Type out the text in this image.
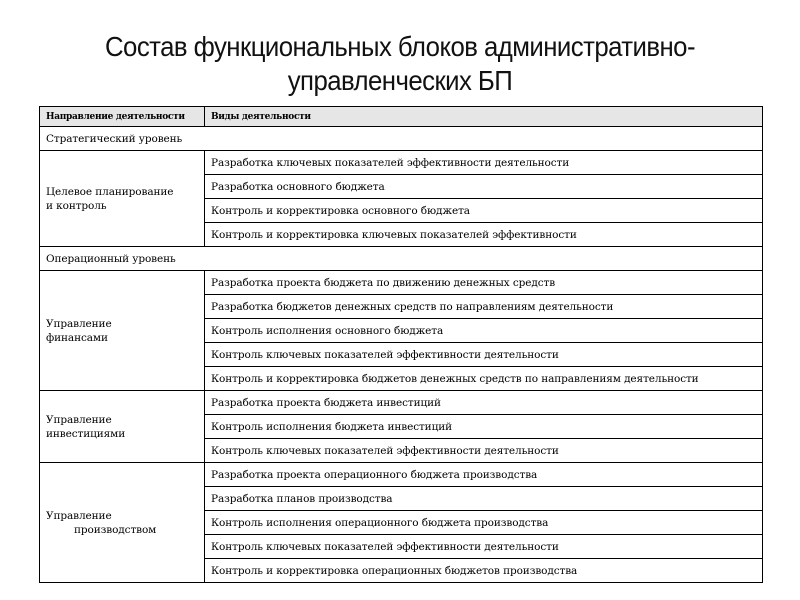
Состав функциональных блоков административно-
управленческих БП
Направление деятельности	Виды деятельности
Стратегический уровень	

Целевое планирование
и контроль	Разработка ключевых показателей эффективности деятельности
	Разработка основного бюджета
	Контроль и корректировка основного бюджета
	Контроль и корректировка ключевых показателей эффективности
Операционный уровень	

Управление
финансами	Разработка проекта бюджета по движению денежных средств
	Разработка бюджетов денежных средств по направлениям деятельности
	Контроль исполнения основного бюджета
	Контроль ключевых показателей эффективности деятельности
	Контроль и корректировка бюджетов денежных средств по направлениям деятельности

Управление
инвестициями	Разработка проекта бюджета инвестиций
	Контроль исполнения бюджета инвестиций
	Контроль ключевых показателей эффективности деятельности

Управление
производством	Разработка проекта операционного бюджета производства
	Разработка планов производства
	Контроль исполнения операционного бюджета производства
	Контроль ключевых показателей эффективности деятельности
	Контроль и корректировка операционных бюджетов производства
